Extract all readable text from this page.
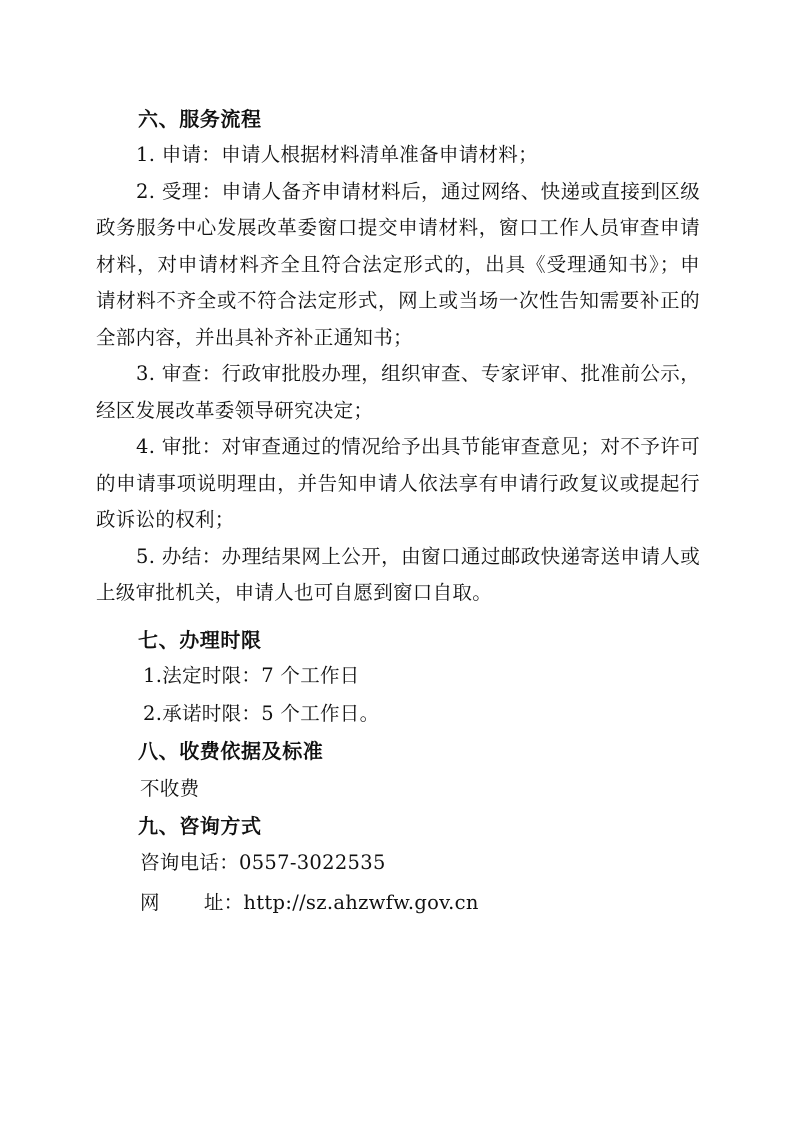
六、服务流程

1. 申请：申请人根据材料清单准备申请材料；

2. 受理：申请人备齐申请材料后，通过网络、快递或直接到区级政务服务中心发展改革委窗口提交申请材料，窗口工作人员审查申请材料，对申请材料齐全且符合法定形式的，出具《受理通知书》；申请材料不齐全或不符合法定形式，网上或当场一次性告知需要补正的全部内容，并出具补齐补正通知书；

3. 审查：行政审批股办理，组织审查、专家评审、批准前公示，经区发展改革委领导研究决定；

4. 审批：对审查通过的情况给予出具节能审查意见；对不予许可的申请事项说明理由，并告知申请人依法享有申请行政复议或提起行政诉讼的权利；

5. 办结：办理结果网上公开，由窗口通过邮政快递寄送申请人或上级审批机关，申请人也可自愿到窗口自取。

七、办理时限
1.法定时限：7 个工作日
2.承诺时限：5 个工作日。
八、收费依据及标准
不收费
九、咨询方式
咨询电话：0557-3022535
网 址：http://sz.ahzwfw.gov.cn
